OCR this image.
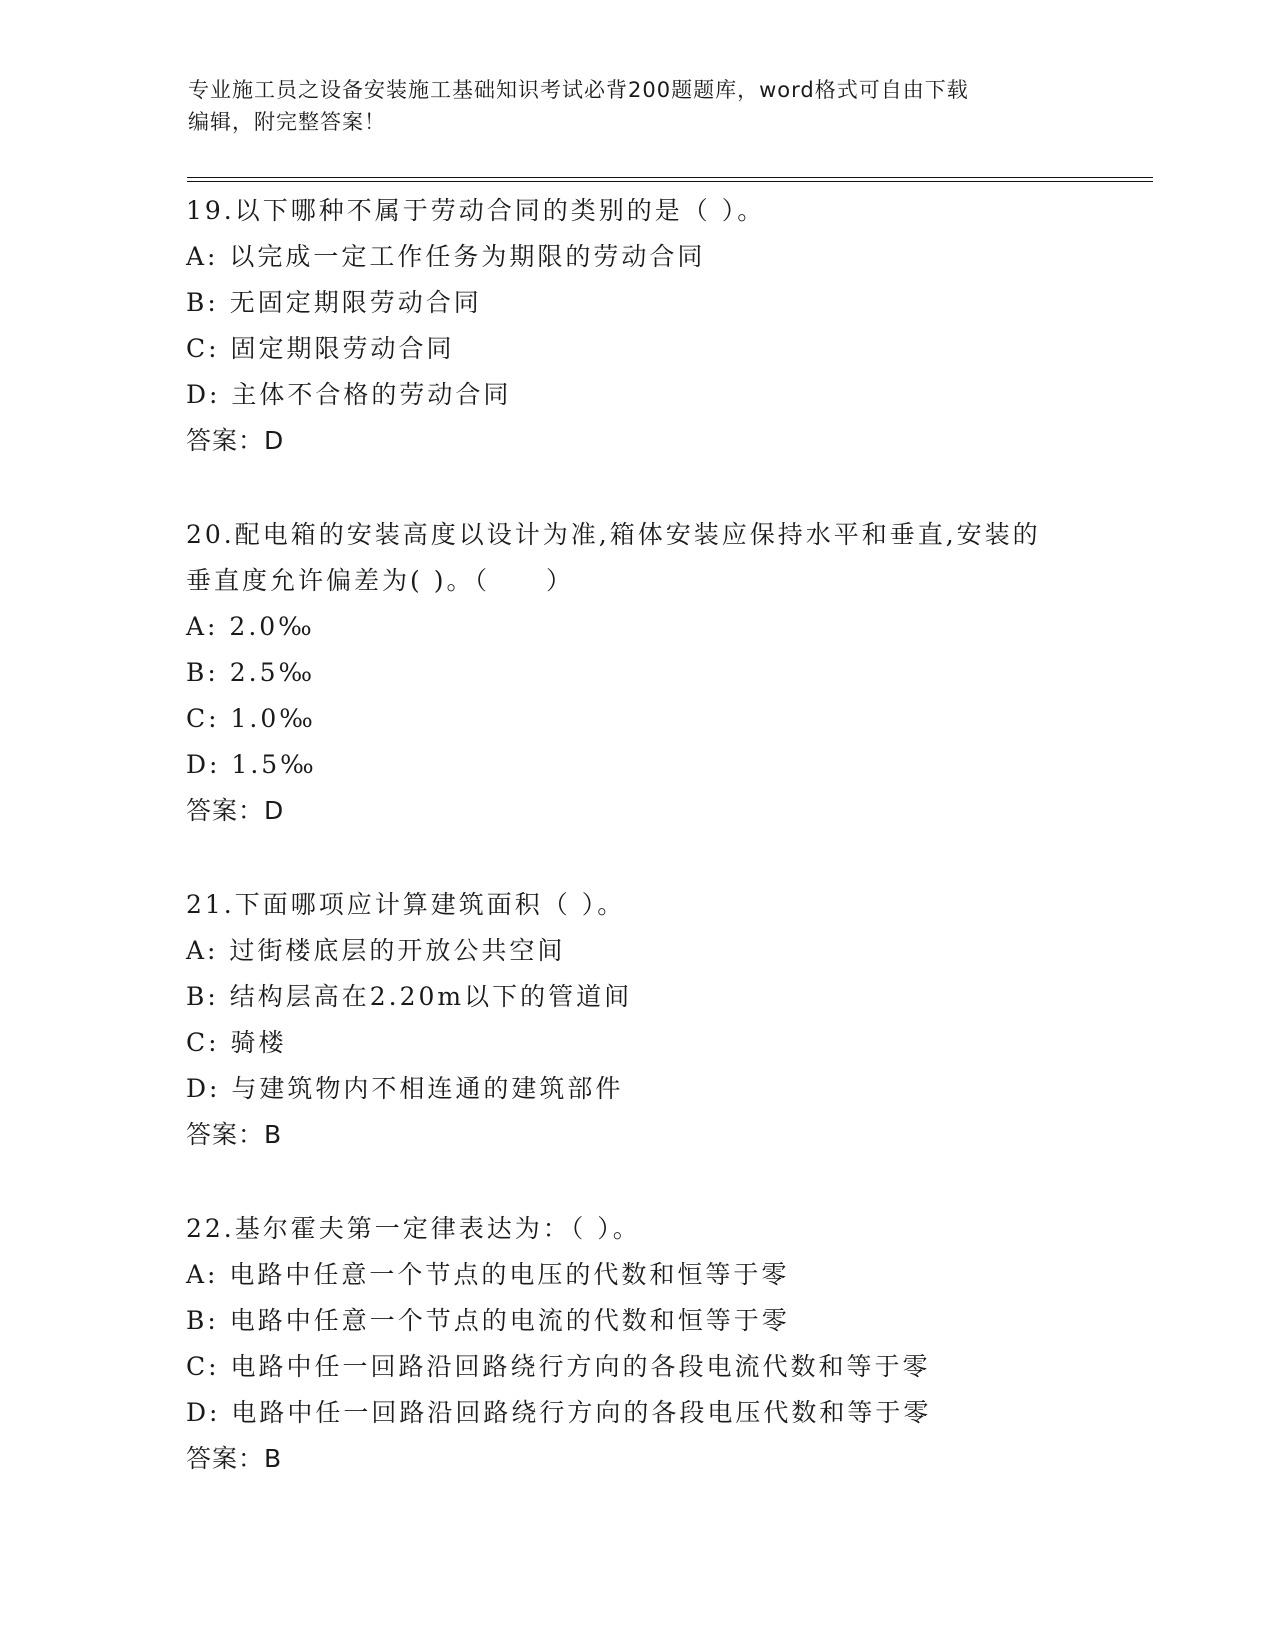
专业施工员之设备安装施工基础知识考试必背200题题库，word格式可自由下载
编辑，附完整答案！
19.以下哪种不属于劳动合同的类别的是（ ）。
A: 以完成一定工作任务为期限的劳动合同
B: 无固定期限劳动合同
C: 固定期限劳动合同
D: 主体不合格的劳动合同
答案：D
20.配电箱的安装高度以设计为准,箱体安装应保持水平和垂直,安装的
垂直度允许偏差为( )。（　　）
A: 2.0‰
B: 2.5‰
C: 1.0‰
D: 1.5‰
答案：D
21.下面哪项应计算建筑面积（ ）。
A: 过街楼底层的开放公共空间
B: 结构层高在2.20m以下的管道间
C: 骑楼
D: 与建筑物内不相连通的建筑部件
答案：B
22.基尔霍夫第一定律表达为：（ ）。
A: 电路中任意一个节点的电压的代数和恒等于零
B: 电路中任意一个节点的电流的代数和恒等于零
C: 电路中任一回路沿回路绕行方向的各段电流代数和等于零
D: 电路中任一回路沿回路绕行方向的各段电压代数和等于零
答案：B
